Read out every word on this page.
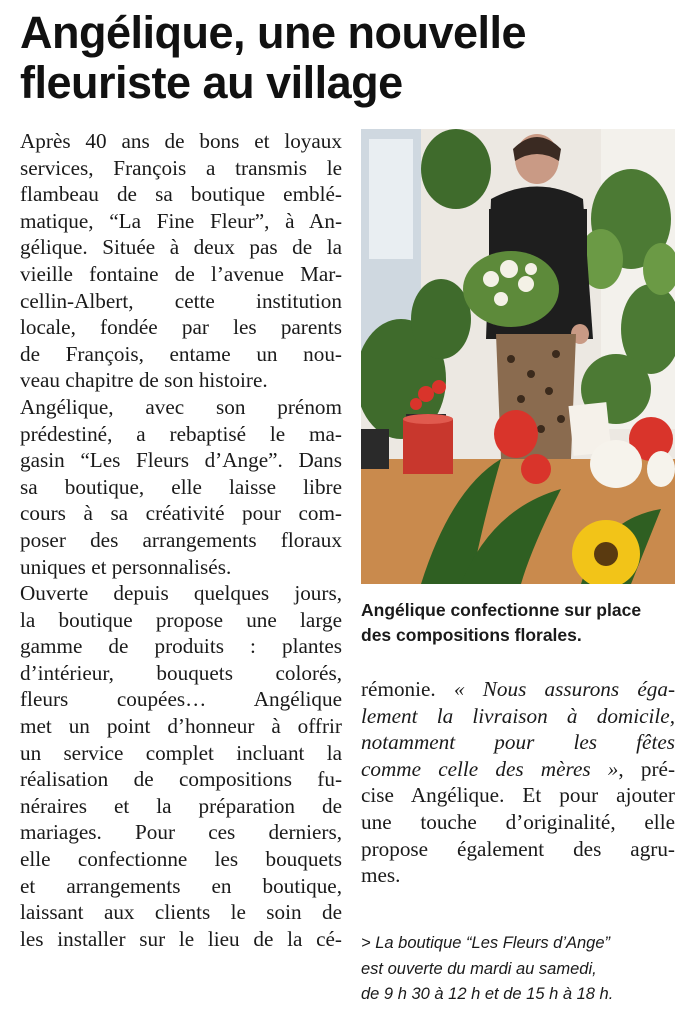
Angélique, une nouvelle
fleuriste au village
Après 40 ans de bons et loyaux
services, François a transmis le
flambeau de sa boutique emblé-
matique, “La Fine Fleur”, à An-
gélique. Située à deux pas de la
vieille fontaine de l’avenue Mar-
cellin-Albert, cette institution
locale, fondée par les parents
de François, entame un nou-
veau chapitre de son histoire.
Angélique, avec son prénom
prédestiné, a rebaptisé le ma-
gasin “Les Fleurs d’Ange”. Dans
sa boutique, elle laisse libre
cours à sa créativité pour com-
poser des arrangements floraux
uniques et personnalisés.
Ouverte depuis quelques jours,
la boutique propose une large
gamme de produits : plantes
d’intérieur, bouquets colorés,
fleurs coupées… Angélique
met un point d’honneur à offrir
un service complet incluant la
réalisation de compositions fu-
néraires et la préparation de
mariages. Pour ces derniers,
elle confectionne les bouquets
et arrangements en boutique,
laissant aux clients le soin de
les installer sur le lieu de la cé-
Angélique confectionne sur place
des compositions florales.
rémonie. « Nous assurons éga-
lement la livraison à domicile,
notamment pour les fêtes
comme celle des mères », pré-
cise Angélique. Et pour ajouter
une touche d’originalité, elle
propose également des agru-
mes.
> La boutique “Les Fleurs d’Ange”
est ouverte du mardi au samedi,
de 9 h 30 à 12 h et de 15 h à 18 h.
